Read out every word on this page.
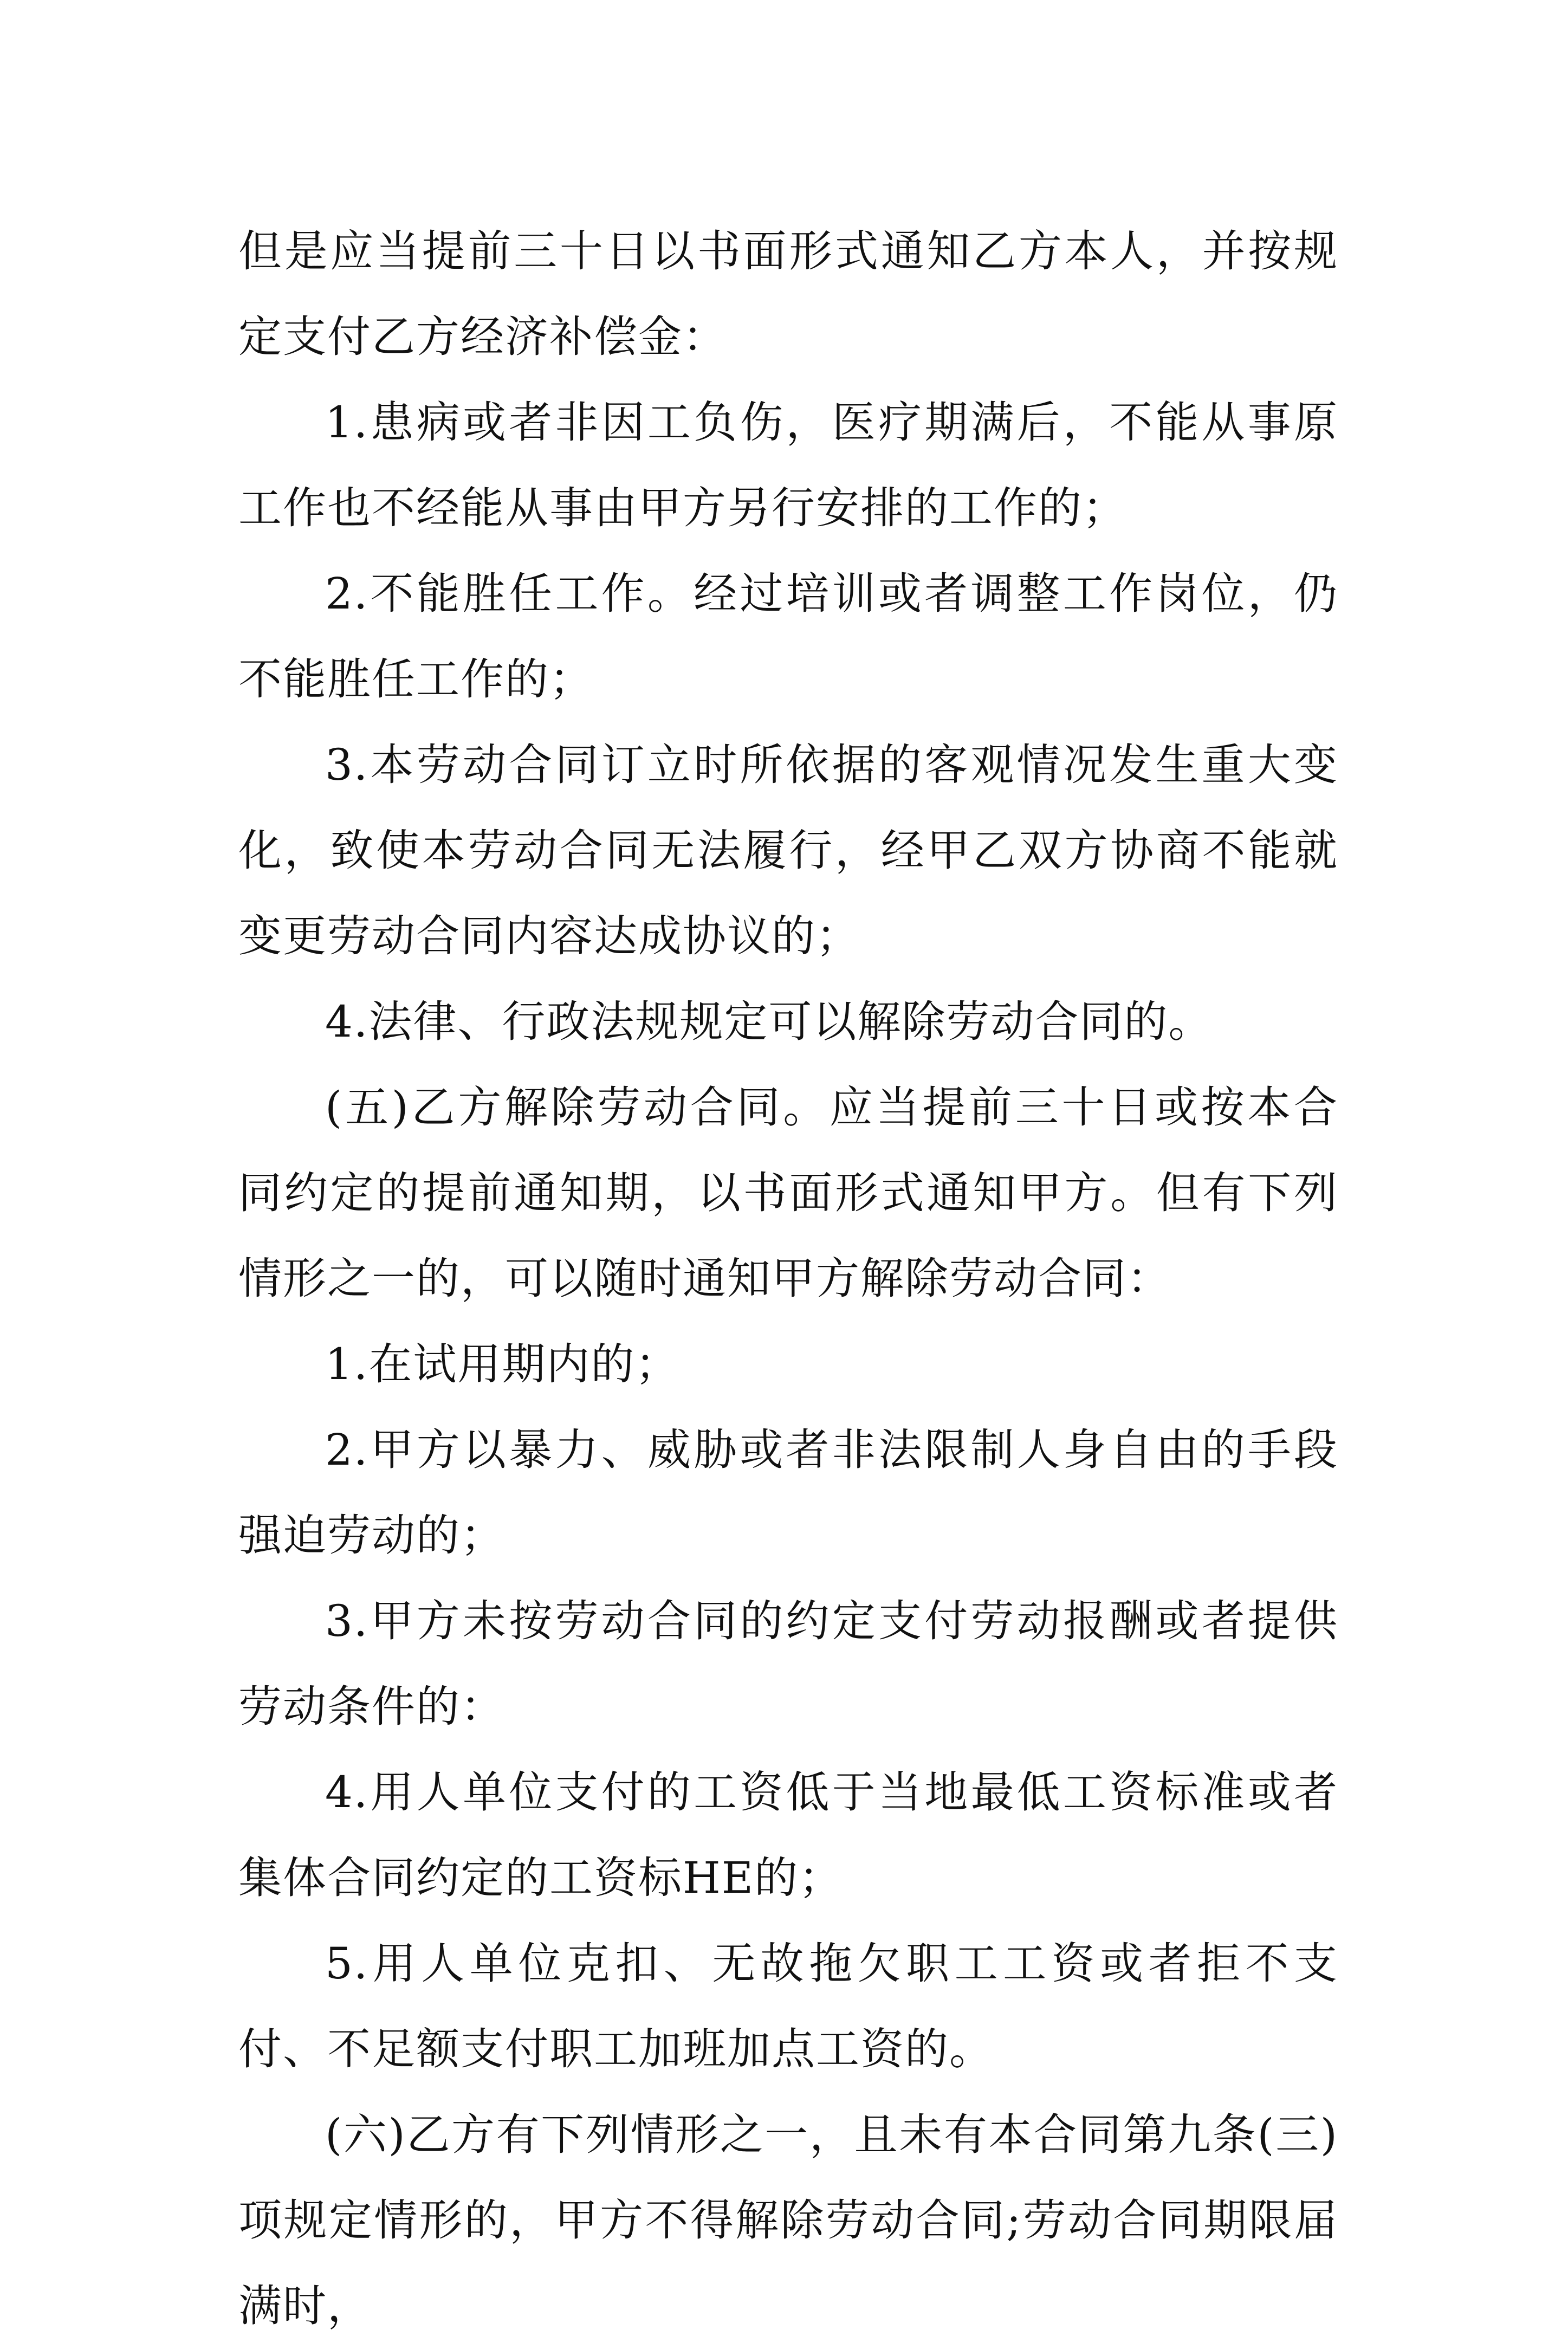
但是应当提前三十日以书面形式通知乙方本人，并按规定支付乙方经济补偿金：

1.患病或者非因工负伤，医疗期满后，不能从事原工作也不经能从事由甲方另行安排的工作的；

2.不能胜任工作。经过培训或者调整工作岗位，仍不能胜任工作的；

3.本劳动合同订立时所依据的客观情况发生重大变化，致使本劳动合同无法履行，经甲乙双方协商不能就变更劳动合同内容达成协议的；

4.法律、行政法规规定可以解除劳动合同的。

(五)乙方解除劳动合同。应当提前三十日或按本合同约定的提前通知期，以书面形式通知甲方。但有下列情形之一的，可以随时通知甲方解除劳动合同：

1.在试用期内的；

2.甲方以暴力、威胁或者非法限制人身自由的手段强迫劳动的；

3.甲方未按劳动合同的约定支付劳动报酬或者提供劳动条件的：

4.用人单位支付的工资低于当地最低工资标准或者集体合同约定的工资标HE的；

5.用人单位克扣、无故拖欠职工工资或者拒不支付、不足额支付职工加班加点工资的。

(六)乙方有下列情形之一，且未有本合同第九条(三)项规定情形的，甲方不得解除劳动合同;劳动合同期限届满时，
